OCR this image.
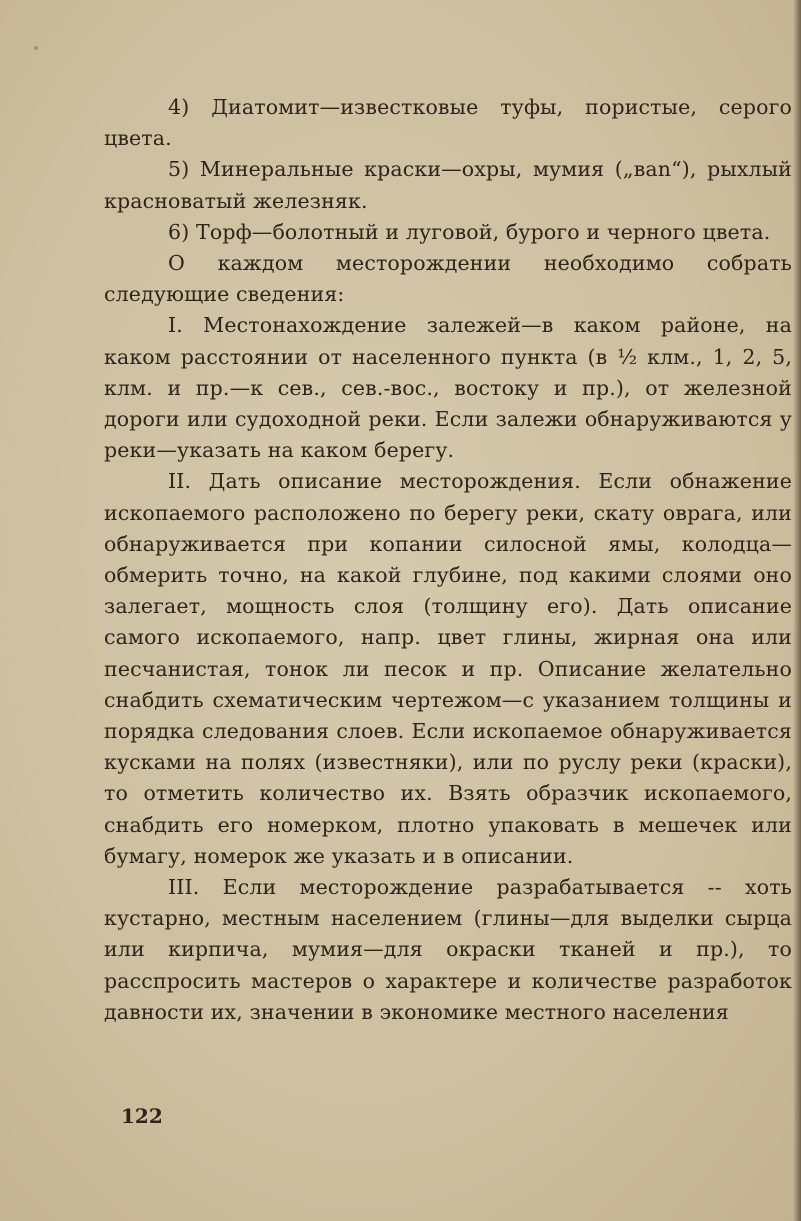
4) Диатомит—известковые туфы, пористые, серого цвета.

5) Минеральные краски—охры, мумия („ваn“), рыхлый красноватый железняк.

6) Торф—болотный и луговой, бурого и черного цвета.

О каждом месторождении необходимо собрать следующие сведения:

I. Местонахождение залежей—в каком районе, на каком расстоянии от населенного пункта (в ½ клм., 1, 2, 5, клм. и пр.—к сев., сев.-вос., востоку и пр.), от железной дороги или судоходной реки. Если залежи обнаруживаются у реки—указать на каком берегу.

II. Дать описание месторождения. Если обнажение ископаемого расположено по берегу реки, скату оврага, или обнаруживается при копании силосной ямы, колодца—обмерить точно, на какой глубине, под какими слоями оно залегает, мощность слоя (толщину его). Дать описание самого ископаемого, напр. цвет глины, жирная она или песчанистая, тонок ли песок и пр. Описание желательно снабдить схематическим чертежом—с указанием толщины и порядка следования слоев. Если ископаемое обнаруживается кусками на полях (известняки), или по руслу реки (краски), то отметить количество их. Взять образчик ископаемого, снабдить его номерком, плотно упаковать в мешечек или бумагу, номерок же указать и в описании.

III. Если месторождение разрабатывается -- хоть кустарно, местным населением (глины—для выделки сырца или кирпича, мумия—для окраски тканей и пр.), то расспросить мастеров о характере и количестве разработок давности их, значении в экономике местного населения

122
